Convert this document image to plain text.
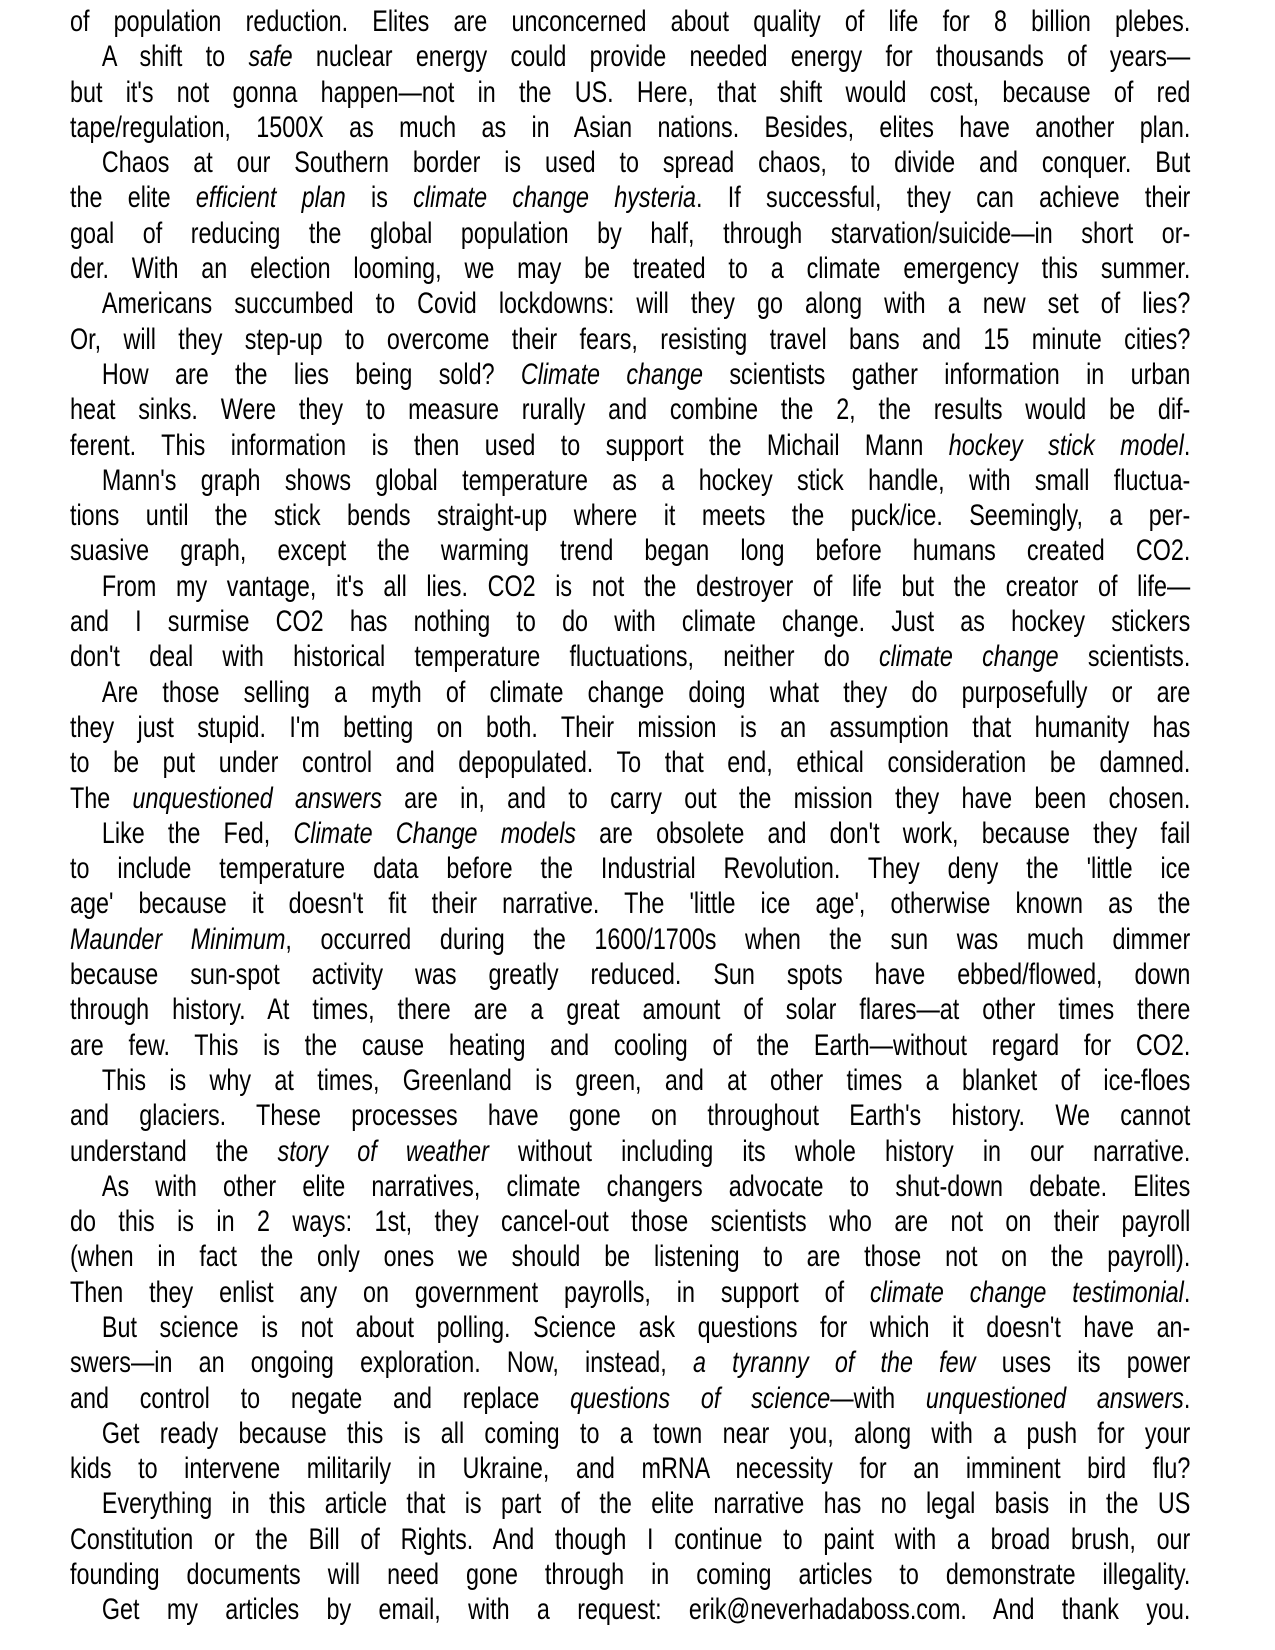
of population reduction. Elites are unconcerned about quality of life for 8 billion plebes.

A shift to safe nuclear energy could provide needed energy for thousands of years—
but it's not gonna happen—not in the US. Here, that shift would cost, because of red
tape/regulation, 1500X as much as in Asian nations. Besides, elites have another plan.

Chaos at our Southern border is used to spread chaos, to divide and conquer. But
the elite efficient plan is climate change hysteria. If successful, they can achieve their
goal of reducing the global population by half, through starvation/suicide—in short or-
der. With an election looming, we may be treated to a climate emergency this summer.

Americans succumbed to Covid lockdowns: will they go along with a new set of lies?
Or, will they step-up to overcome their fears, resisting travel bans and 15 minute cities?

How are the lies being sold? Climate change scientists gather information in urban
heat sinks. Were they to measure rurally and combine the 2, the results would be dif-
ferent. This information is then used to support the Michail Mann hockey stick model.

Mann's graph shows global temperature as a hockey stick handle, with small fluctua-
tions until the stick bends straight-up where it meets the puck/ice. Seemingly, a per-
suasive graph, except the warming trend began long before humans created CO2.

From my vantage, it's all lies. CO2 is not the destroyer of life but the creator of life—
and I surmise CO2 has nothing to do with climate change. Just as hockey stickers
don't deal with historical temperature fluctuations, neither do climate change scientists.

Are those selling a myth of climate change doing what they do purposefully or are
they just stupid. I'm betting on both. Their mission is an assumption that humanity has
to be put under control and depopulated. To that end, ethical consideration be damned.
The unquestioned answers are in, and to carry out the mission they have been chosen.

Like the Fed, Climate Change models are obsolete and don't work, because they fail
to include temperature data before the Industrial Revolution. They deny the 'little ice
age' because it doesn't fit their narrative. The 'little ice age', otherwise known as the
Maunder Minimum, occurred during the 1600/1700s when the sun was much dimmer
because sun-spot activity was greatly reduced. Sun spots have ebbed/flowed, down
through history. At times, there are a great amount of solar flares—at other times there
are few. This is the cause heating and cooling of the Earth—without regard for CO2.

This is why at times, Greenland is green, and at other times a blanket of ice-floes
and glaciers. These processes have gone on throughout Earth's history. We cannot
understand the story of weather without including its whole history in our narrative.

As with other elite narratives, climate changers advocate to shut-down debate. Elites
do this is in 2 ways: 1st, they cancel-out those scientists who are not on their payroll
(when in fact the only ones we should be listening to are those not on the payroll).
Then they enlist any on government payrolls, in support of climate change testimonial.

But science is not about polling. Science ask questions for which it doesn't have an-
swers—in an ongoing exploration. Now, instead, a tyranny of the few uses its power
and control to negate and replace questions of science—with unquestioned answers.

Get ready because this is all coming to a town near you, along with a push for your
kids to intervene militarily in Ukraine, and mRNA necessity for an imminent bird flu?

Everything in this article that is part of the elite narrative has no legal basis in the US
Constitution or the Bill of Rights. And though I continue to paint with a broad brush, our
founding documents will need gone through in coming articles to demonstrate illegality.

Get my articles by email, with a request: erik@neverhadaboss.com. And thank you.
